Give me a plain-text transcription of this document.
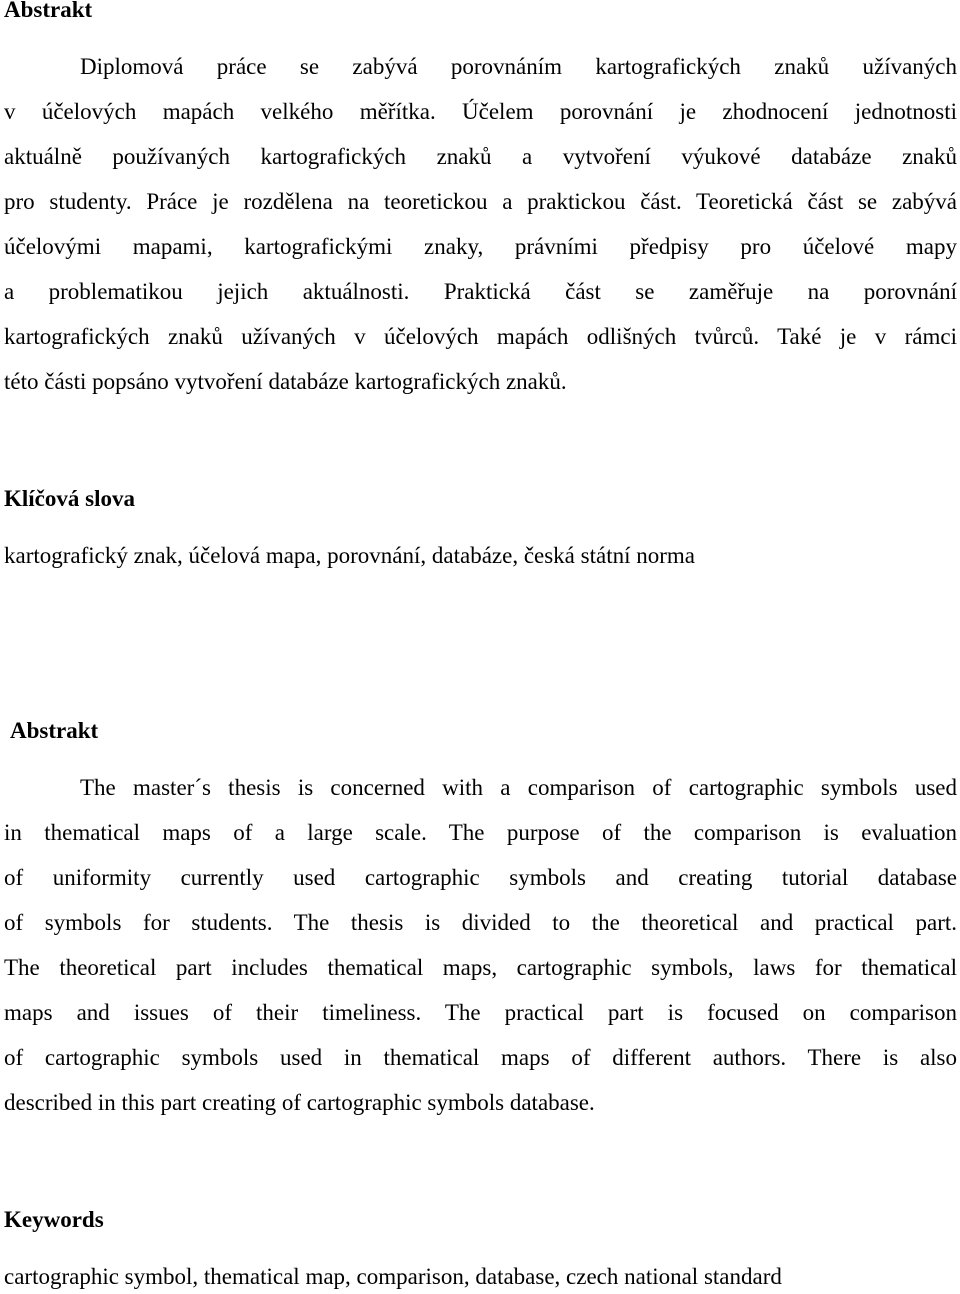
Abstrakt
Diplomová práce se zabývá porovnáním kartografických znaků užívaných
v účelových mapách velkého měřítka. Účelem porovnání je zhodnocení jednotnosti
aktuálně používaných kartografických znaků a vytvoření výukové databáze znaků
pro studenty. Práce je rozdělena na teoretickou a praktickou část. Teoretická část se zabývá
účelovými mapami, kartografickými znaky, právními předpisy pro účelové mapy
a problematikou jejich aktuálnosti. Praktická část se zaměřuje na porovnání
kartografických znaků užívaných v účelových mapách odlišných tvůrců. Také je v rámci
této části popsáno vytvoření databáze kartografických znaků.
Klíčová slova
kartografický znak, účelová mapa, porovnání, databáze, česká státní norma
Abstrakt
The master´s thesis is concerned with a comparison of cartographic symbols used
in thematical maps of a large scale. The purpose of the comparison is evaluation
of uniformity currently used cartographic symbols and creating tutorial database
of symbols for students. The thesis is divided to the theoretical and practical part.
The theoretical part includes thematical maps, cartographic symbols, laws for thematical
maps and issues of their timeliness. The practical part is focused on comparison
of cartographic symbols used in thematical maps of different authors. There is also
described in this part creating of cartographic symbols database.
Keywords
cartographic symbol, thematical map, comparison, database, czech national standard
